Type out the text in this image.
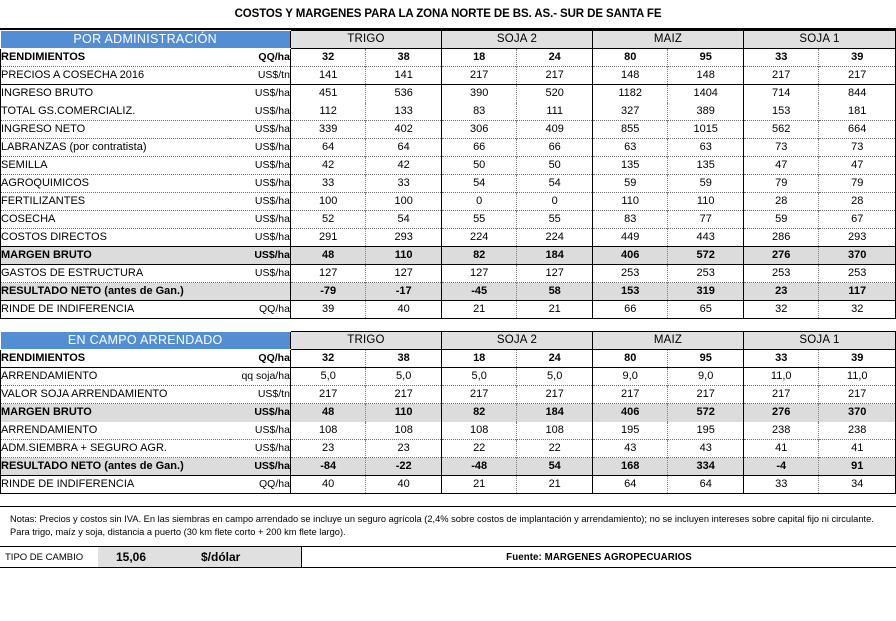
COSTOS Y MARGENES PARA LA ZONA NORTE DE BS. AS.- SUR DE SANTA FE
POR ADMINISTRACIÓN		TRIGO		SOJA 2		MAIZ		SOJA 1	
RENDIMIENTOS	QQ/ha	32	38	18	24	80	95	33	39
PRECIOS A COSECHA 2016	US$/tn	141	141	217	217	148	148	217	217
INGRESO BRUTO	US$/ha	451	536	390	520	1182	1404	714	844
TOTAL GS.COMERCIALIZ.	US$/ha	112	133	83	111	327	389	153	181
INGRESO NETO	US$/ha	339	402	306	409	855	1015	562	664
LABRANZAS (por contratista)	US$/ha	64	64	66	66	63	63	73	73
SEMILLA	US$/ha	42	42	50	50	135	135	47	47
AGROQUIMICOS	US$/ha	33	33	54	54	59	59	79	79
FERTILIZANTES	US$/ha	100	100	0	0	110	110	28	28
COSECHA	US$/ha	52	54	55	55	83	77	59	67
COSTOS DIRECTOS	US$/ha	291	293	224	224	449	443	286	293
MARGEN BRUTO	US$/ha	48	110	82	184	406	572	276	370
GASTOS DE ESTRUCTURA	US$/ha	127	127	127	127	253	253	253	253
RESULTADO NETO (antes de Gan.)		-79	-17	-45	58	153	319	23	117
RINDE DE INDIFERENCIA	QQ/ha	39	40	21	21	66	65	32	32
EN CAMPO ARRENDADO		TRIGO		SOJA 2		MAIZ		SOJA 1	
RENDIMIENTOS	QQ/ha	32	38	18	24	80	95	33	39
ARRENDAMIENTO	qq soja/ha	5,0	5,0	5,0	5,0	9,0	9,0	11,0	11,0
VALOR SOJA ARRENDAMIENTO	US$/tn	217	217	217	217	217	217	217	217
MARGEN BRUTO	US$/ha	48	110	82	184	406	572	276	370
ARRENDAMIENTO	US$/ha	108	108	108	108	195	195	238	238
ADM.SIEMBRA + SEGURO AGR.	US$/ha	23	23	22	22	43	43	41	41
RESULTADO NETO (antes de Gan.)	US$/ha	-84	-22	-48	54	168	334	-4	91
RINDE DE INDIFERENCIA	QQ/ha	40	40	21	21	64	64	33	34
Notas: Precios y costos sin IVA. En las siembras en campo arrendado se incluye un seguro agrícola (2,4% sobre costos de implantación y arrendamiento); no se incluyen intereses sobre capital fijo ni circulante. Para trigo, maíz y soja, distancia a puerto (30 km flete corto + 200 km flete largo).
TIPO DE CAMBIO	15,06	$/dólar	Fuente: MARGENES AGROPECUARIOS
